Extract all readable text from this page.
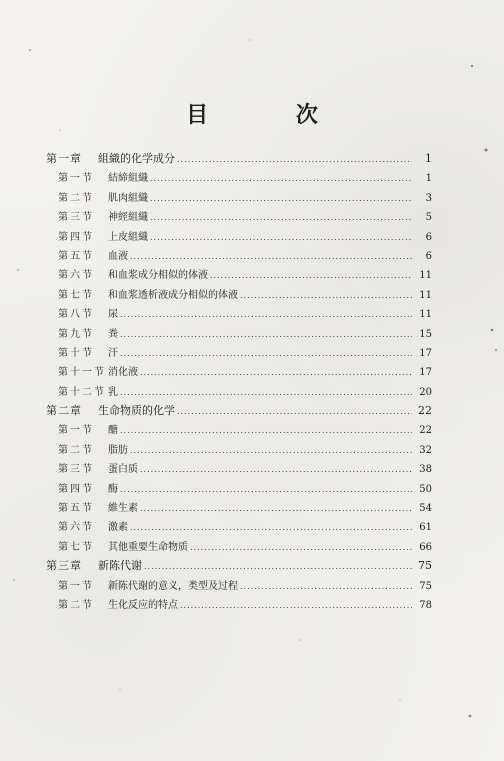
目 次
第一章	組織的化学成分 .....	1
第一节	結締組織 .....	1
第二节	肌肉組織 .....	3
第三节	神經組織 .....	5
第四节	上皮組織 .....	6
第五节	血液 .....	6
第六节	和血浆成分相似的体液 .....	11
第七节	和血浆透析液成分相似的体液 .....	11
第八节	尿 .....	11
第九节	粪 .....	15
第十节	汗 .....	17
第十一节 消化液 .....	17
第十二节 乳 .....	20
第二章	生命物质的化学 .....	22
第一节	醣 .....	22
第二节	脂肪 .....	32
第三节	蛋白质 .....	38
第四节	酶 .....	50
第五节	維生素 .....	54
第六节	激素 .....	61
第七节	其他重要生命物质 .....	66
第三章	新陈代谢 .....	75
第一节	新陈代谢的意义，类型及过程 .....	75
第二节	生化反应的特点 .....	78
